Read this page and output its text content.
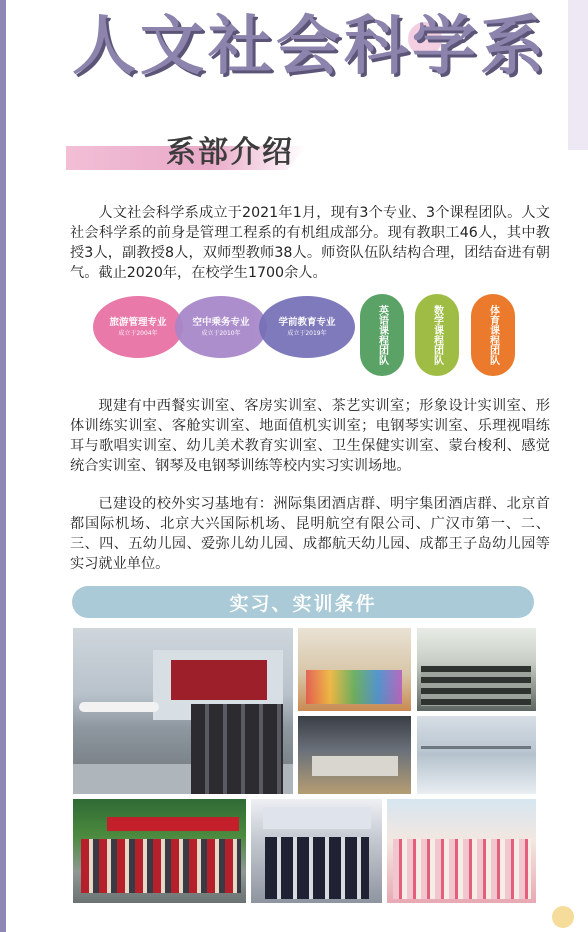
人文社会科学系
系部介绍

人文社会科学系成立于2021年1月，现有3个专业、3个课程团队。人文社会科学系的前身是管理工程系的有机组成部分。现有教职工46人，其中教授3人，副教授8人，双师型教师38人。师资队伍队结构合理，团结奋进有朝气。截止2020年，在校学生1700余人。

旅游管理专业
成立于2004年
空中乘务专业
成立于2010年
学前教育专业
成立于2019年	英语课程团队	数学课程团队	体育课程团队

现建有中西餐实训室、客房实训室、茶艺实训室；形象设计实训室、形体训练实训室、客舱实训室、地面值机实训室；电钢琴实训室、乐理视唱练耳与歌唱实训室、幼儿美术教育实训室、卫生保健实训室、蒙台梭利、感觉统合实训室、钢琴及电钢琴训练等校内实习实训场地。

已建设的校外实习基地有：洲际集团酒店群、明宇集团酒店群、北京首都国际机场、北京大兴国际机场、昆明航空有限公司、广汉市第一、二、三、四、五幼儿园、爱弥儿幼儿园、成都航天幼儿园、成都王子岛幼儿园等实习就业单位。

实习、实训条件
